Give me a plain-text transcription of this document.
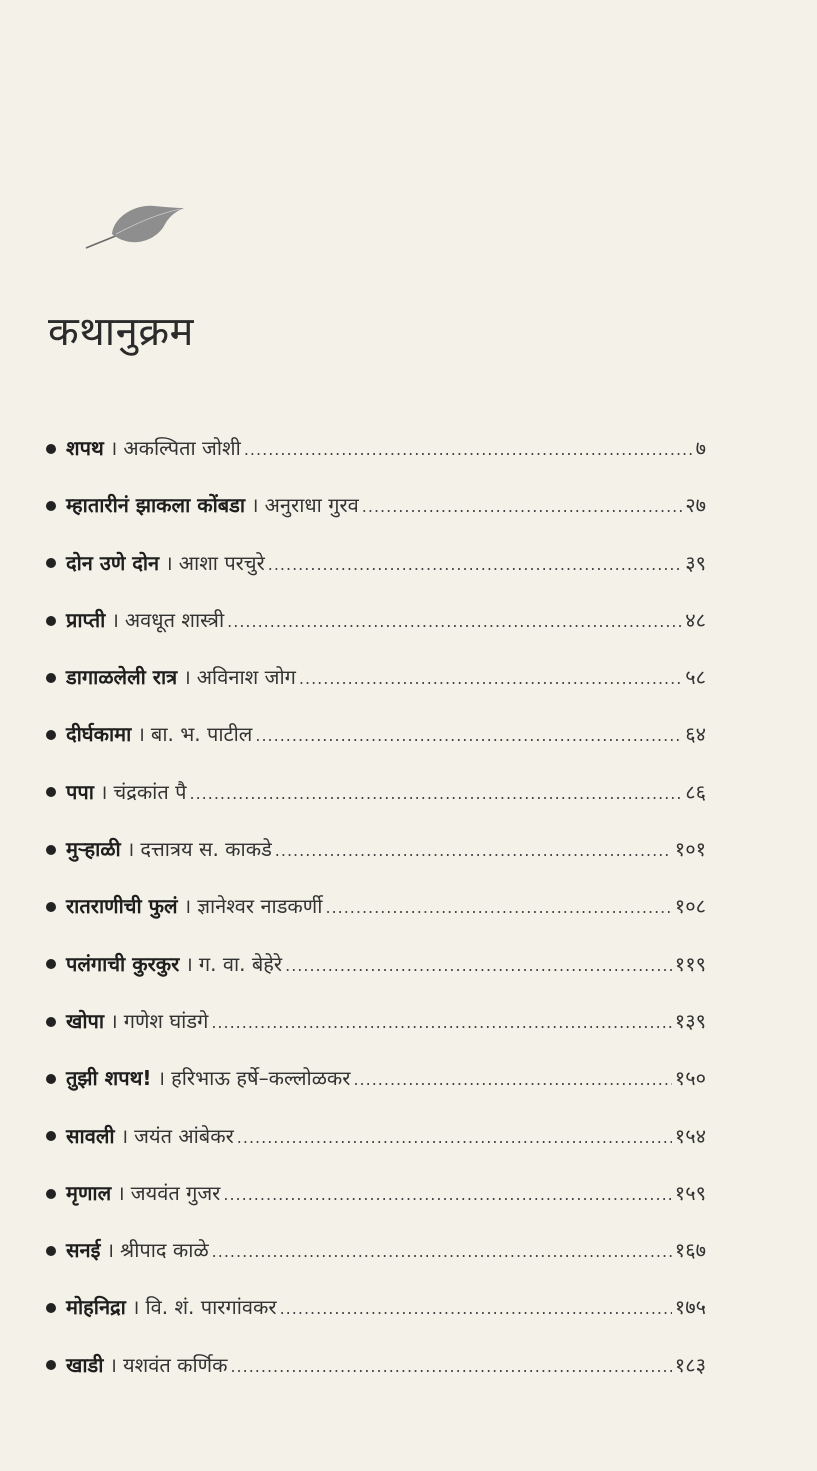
कथानुक्रम
शपथ । अकल्पिता जोशी .....	७
म्हातारीनं झाकला कोंबडा । अनुराधा गुरव .....	२७
दोन उणे दोन । आशा परचुरे .....	३९
प्राप्ती । अवधूत शास्त्री .....	४८
डागाळलेली रात्र । अविनाश जोग .....	५८
दीर्घकामा । बा. भ. पाटील .....	६४
पपा । चंद्रकांत पै .....	८६
मुऱ्हाळी । दत्तात्रय स. काकडे .....	१०१
रातराणीची फुलं । ज्ञानेश्वर नाडकर्णी .....	१०८
पलंगाची कुरकुर । ग. वा. बेहेरे .....	११९
खोपा । गणेश घांडगे .....	१३९
तुझी शपथ! । हरिभाऊ हर्षे–कल्लोळकर .....	१५०
सावली । जयंत आंबेकर .....	१५४
मृणाल । जयवंत गुजर .....	१५९
सनई । श्रीपाद काळे .....	१६७
मोहनिद्रा । वि. शं. पारगांवकर .....	१७५
खाडी । यशवंत कर्णिक .....	१८३
